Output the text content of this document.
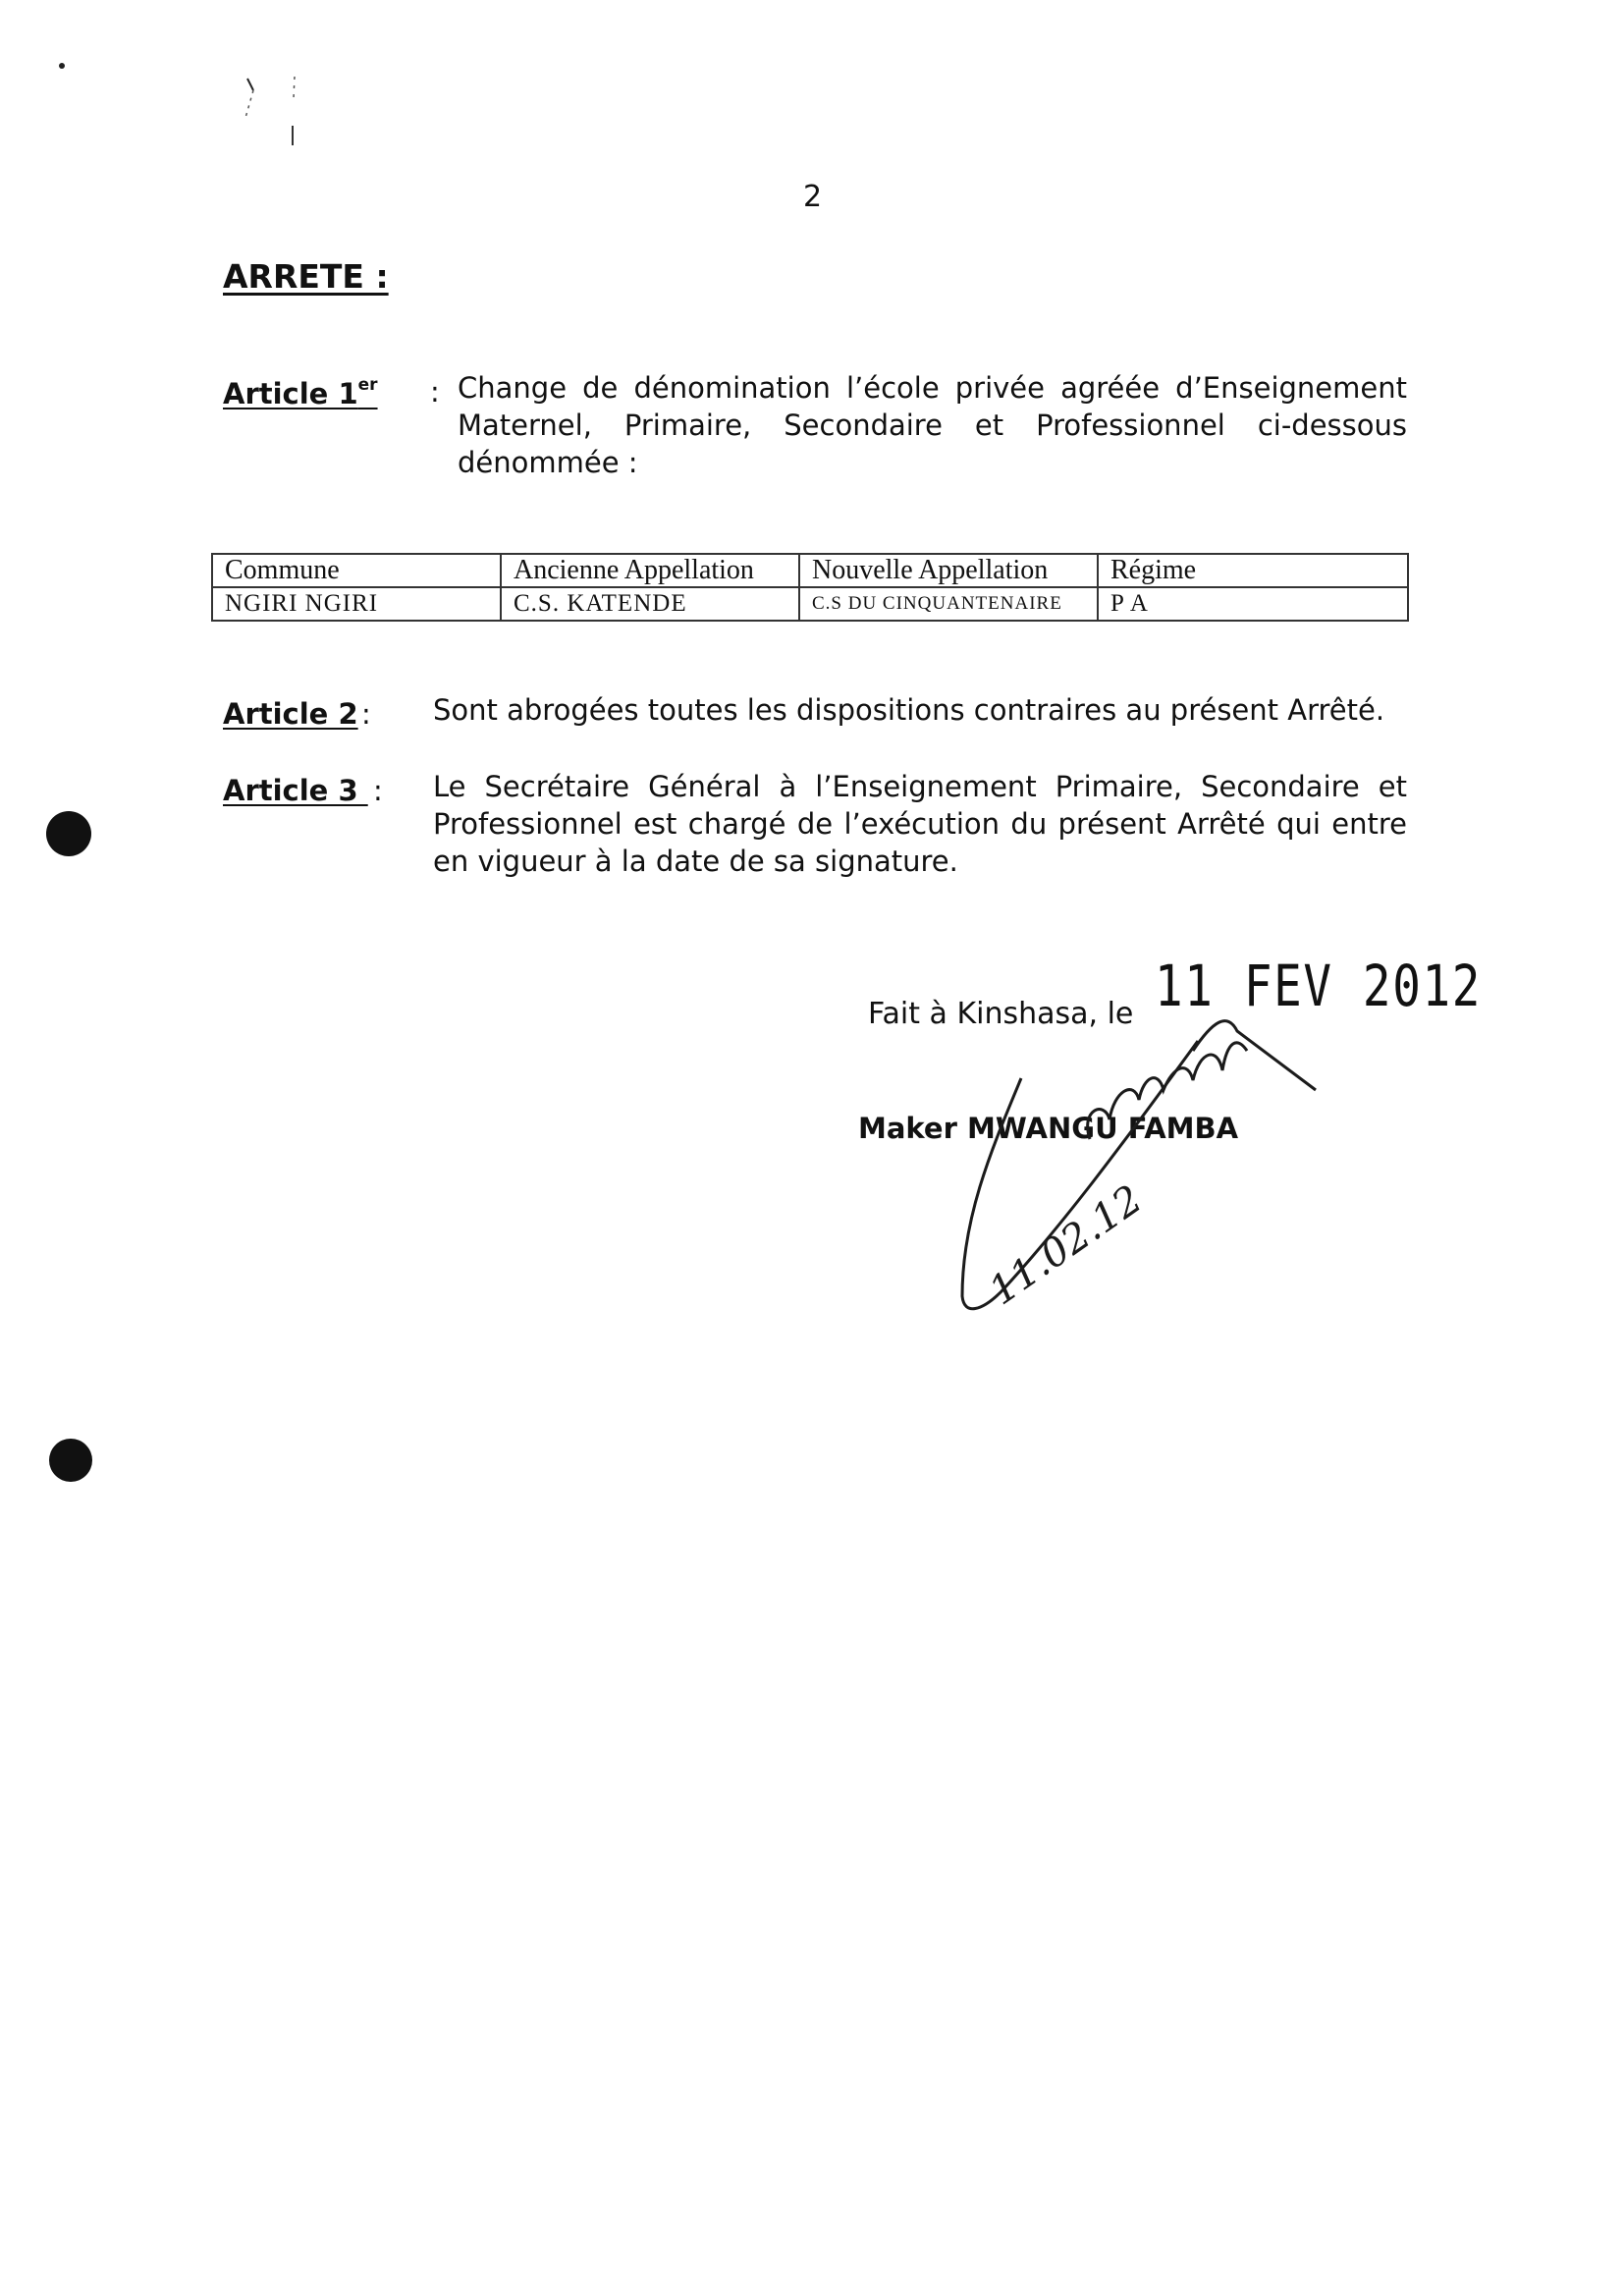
2
ARRETE :
Article 1er : Change de dénomination l’école privée agréée d’Enseignement Maternel, Primaire, Secondaire et Professionnel ci-dessous dénommée :
Commune	Ancienne Appellation	Nouvelle Appellation	Régime
NGIRI NGIRI	C.S. KATENDE	C.S DU CINQUANTENAIRE	P A
Article 2 : Sont abrogées toutes les dispositions contraires au présent Arrêté.
Article 3 : Le Secrétaire Général à l’Enseignement Primaire, Secondaire et Professionnel est chargé de l’exécution du présent Arrêté qui entre en vigueur à la date de sa signature.
Fait à Kinshasa, le 11 FEV 2012
Maker MWANGU FAMBA
11.02.12
